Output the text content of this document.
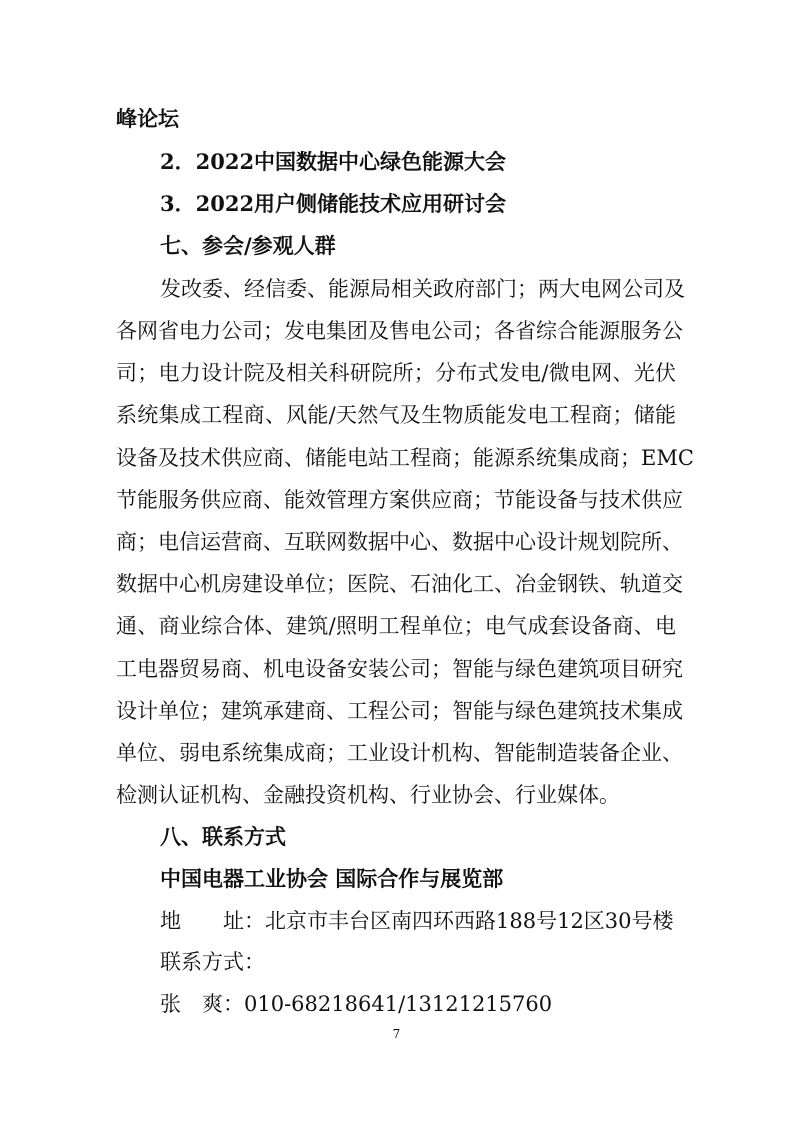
峰论坛
2．2022中国数据中心绿色能源大会
3．2022用户侧储能技术应用研讨会
七、参会/参观人群
发改委、经信委、能源局相关政府部门；两大电网公司及
各网省电力公司；发电集团及售电公司；各省综合能源服务公
司；电力设计院及相关科研院所；分布式发电/微电网、光伏
系统集成工程商、风能/天然气及生物质能发电工程商；储能
设备及技术供应商、储能电站工程商；能源系统集成商；EMC
节能服务供应商、能效管理方案供应商；节能设备与技术供应
商；电信运营商、互联网数据中心、数据中心设计规划院所、
数据中心机房建设单位；医院、石油化工、冶金钢铁、轨道交
通、商业综合体、建筑/照明工程单位；电气成套设备商、电
工电器贸易商、机电设备安装公司；智能与绿色建筑项目研究
设计单位；建筑承建商、工程公司；智能与绿色建筑技术集成
单位、弱电系统集成商；工业设计机构、智能制造装备企业、
检测认证机构、金融投资机构、行业协会、行业媒体。
八、联系方式
中国电器工业协会 国际合作与展览部
地　　址：北京市丰台区南四环西路188号12区30号楼
联系方式：
张　爽：010-68218641/13121215760
7
